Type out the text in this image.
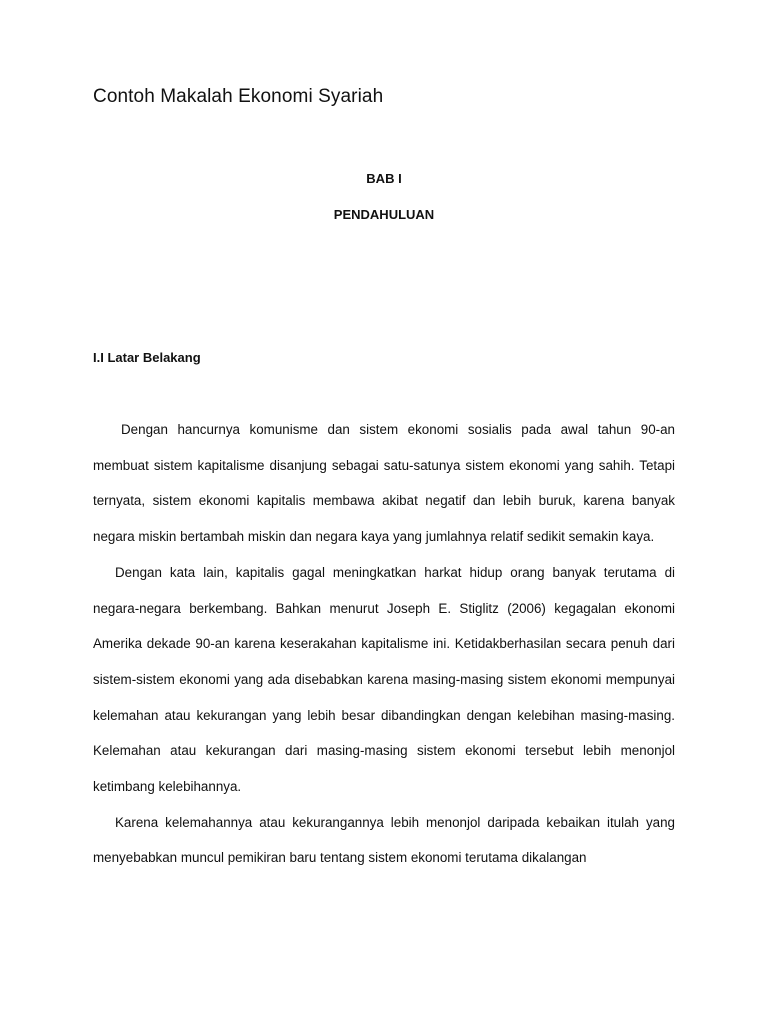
Contoh Makalah Ekonomi Syariah
BAB I
PENDAHULUAN
I.I Latar Belakang

Dengan hancurnya komunisme dan sistem ekonomi sosialis pada awal tahun 90-an membuat sistem kapitalisme disanjung sebagai satu-satunya sistem ekonomi yang sahih. Tetapi ternyata, sistem ekonomi kapitalis membawa akibat negatif dan lebih buruk, karena banyak negara miskin bertambah miskin dan negara kaya yang jumlahnya relatif sedikit semakin kaya.

Dengan kata lain, kapitalis gagal meningkatkan harkat hidup orang banyak terutama di negara-negara berkembang. Bahkan menurut Joseph E. Stiglitz (2006) kegagalan ekonomi Amerika dekade 90-an karena keserakahan kapitalisme ini. Ketidakberhasilan secara penuh dari sistem-sistem ekonomi yang ada disebabkan karena masing-masing sistem ekonomi mempunyai kelemahan atau kekurangan yang lebih besar dibandingkan dengan kelebihan masing-masing. Kelemahan atau kekurangan dari masing-masing sistem ekonomi tersebut lebih menonjol ketimbang kelebihannya.

Karena kelemahannya atau kekurangannya lebih menonjol daripada kebaikan itulah yang menyebabkan muncul pemikiran baru tentang sistem ekonomi terutama dikalangan
